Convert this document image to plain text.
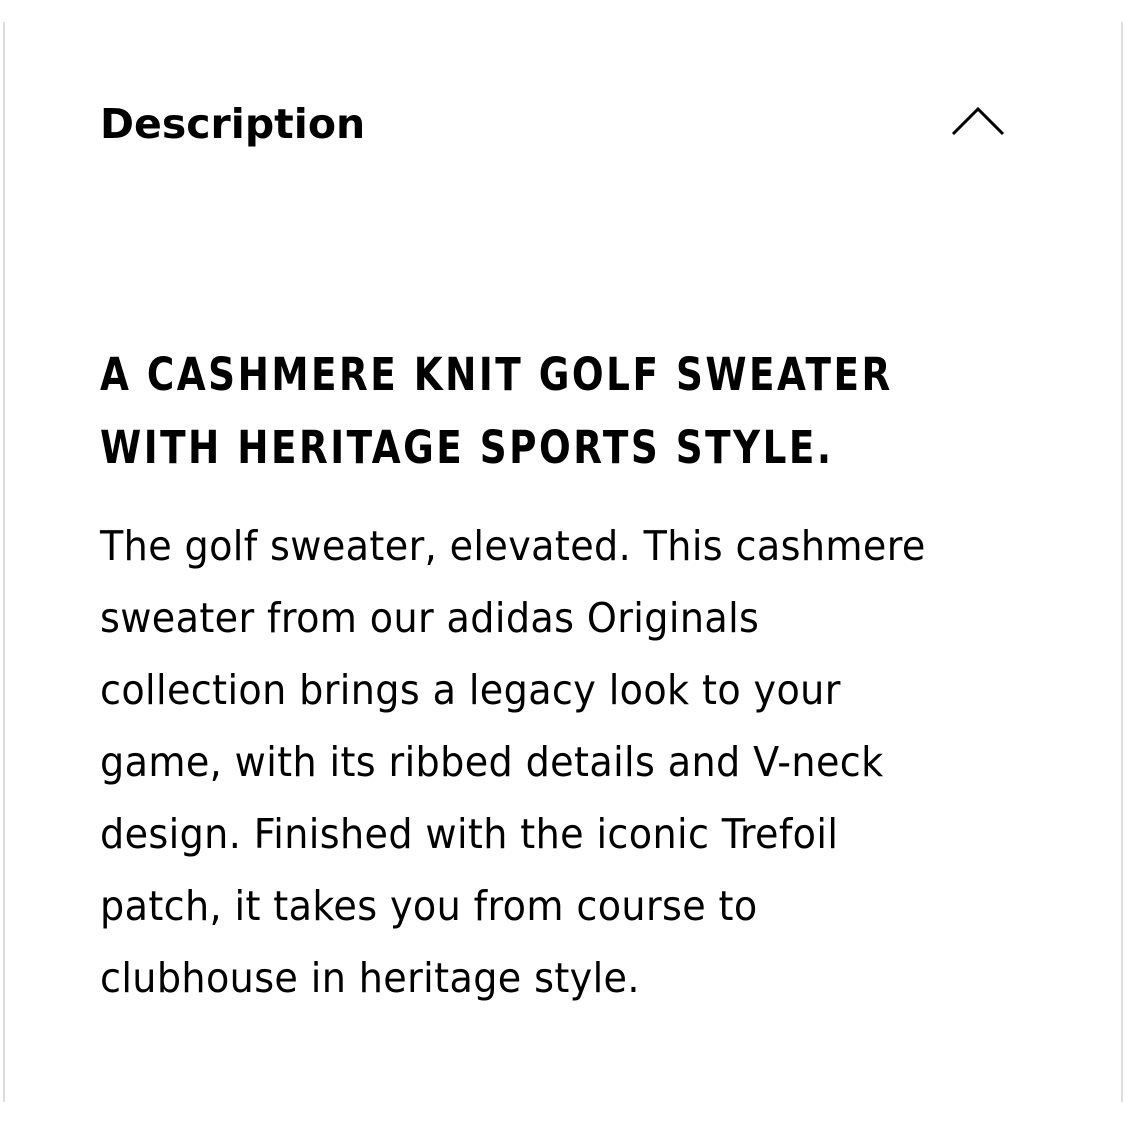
Description
A CASHMERE KNIT GOLF SWEATER
WITH HERITAGE SPORTS STYLE.

The golf sweater, elevated. This cashmere
sweater from our adidas Originals
collection brings a legacy look to your
game, with its ribbed details and V-neck
design. Finished with the iconic Trefoil
patch, it takes you from course to
clubhouse in heritage style.
